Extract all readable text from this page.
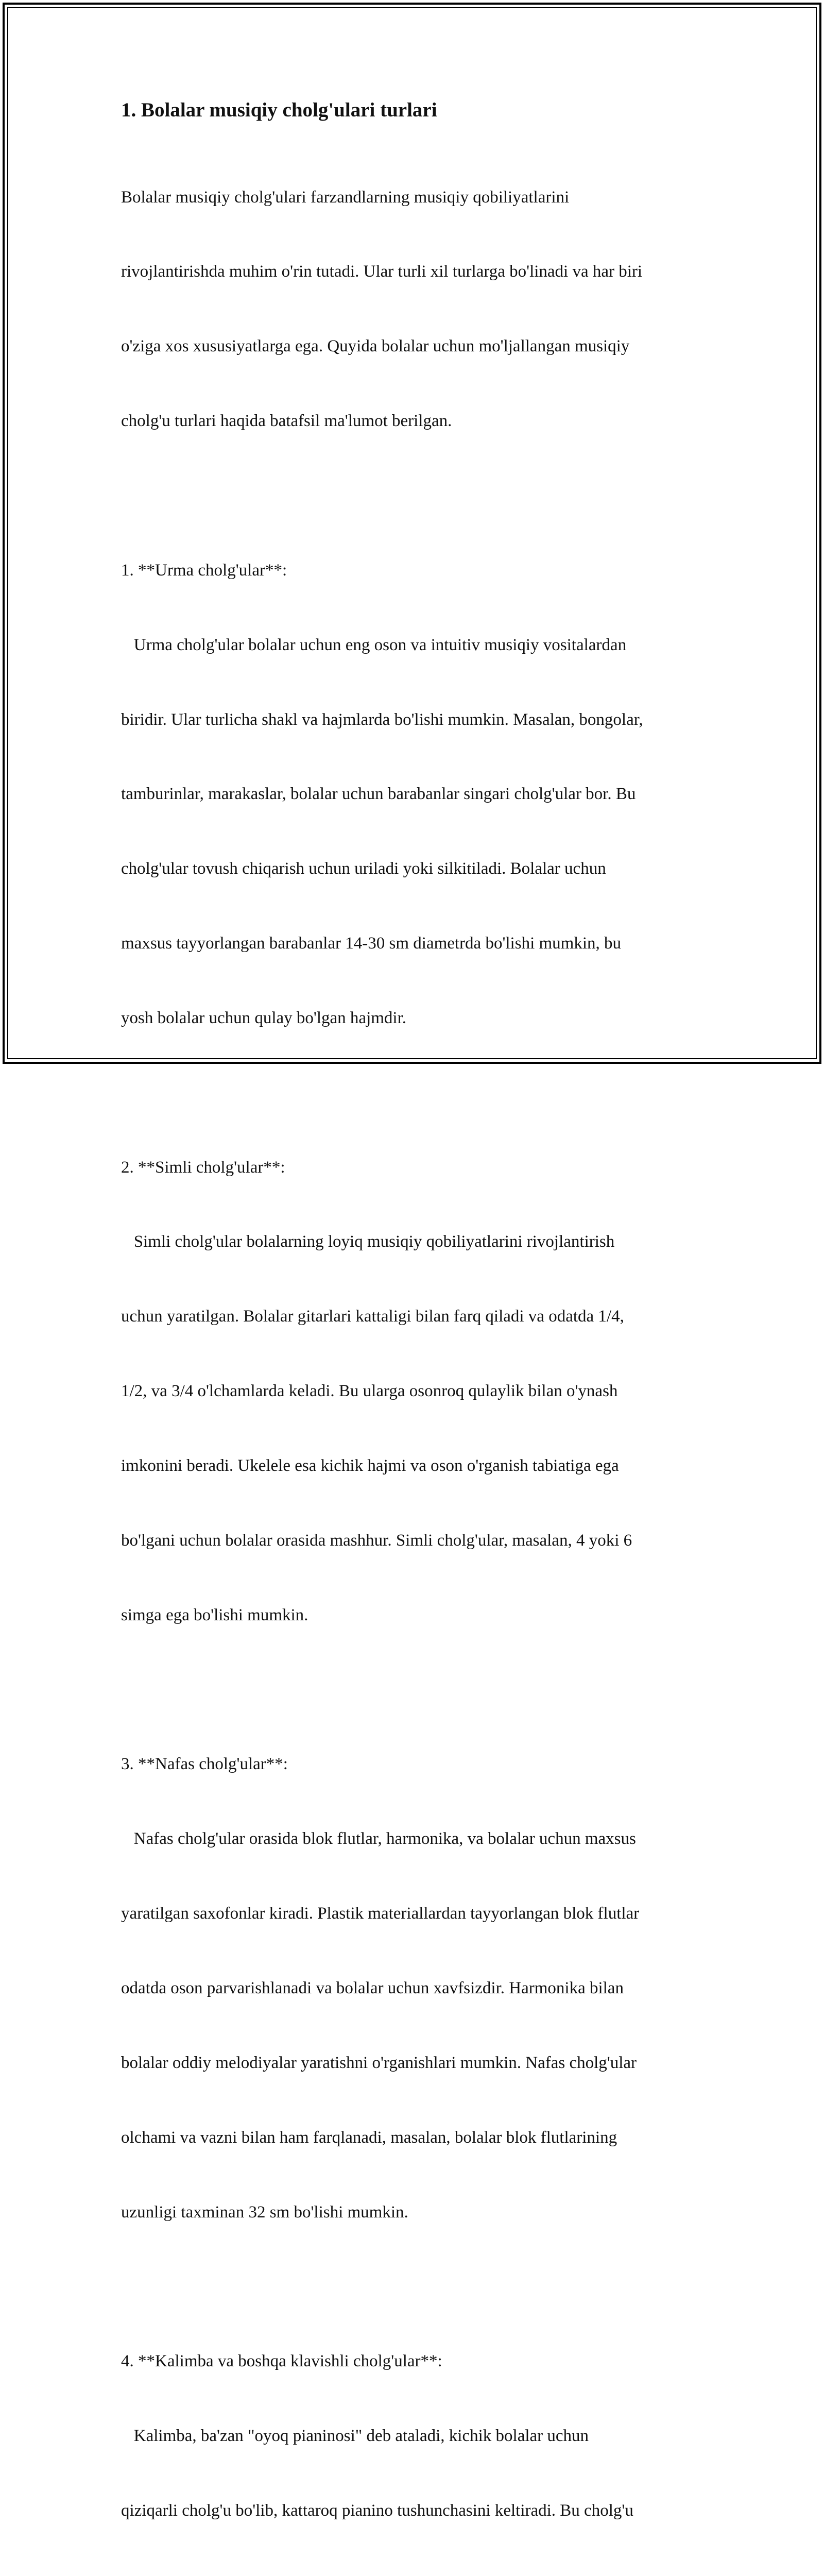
1. Bolalar musiqiy cholg'ulari turlari

Bolalar musiqiy cholg'ulari farzandlarning musiqiy qobiliyatlarini

rivojlantirishda muhim o'rin tutadi. Ular turli xil turlarga bo'linadi va har biri

o'ziga xos xususiyatlarga ega. Quyida bolalar uchun mo'ljallangan musiqiy

cholg'u turlari haqida batafsil ma'lumot berilgan.

1. **Urma cholg'ular**:

Urma cholg'ular bolalar uchun eng oson va intuitiv musiqiy vositalardan

biridir. Ular turlicha shakl va hajmlarda bo'lishi mumkin. Masalan, bongolar,

tamburinlar, marakaslar, bolalar uchun barabanlar singari cholg'ular bor. Bu

cholg'ular tovush chiqarish uchun uriladi yoki silkitiladi. Bolalar uchun

maxsus tayyorlangan barabanlar 14-30 sm diametrda bo'lishi mumkin, bu

yosh bolalar uchun qulay bo'lgan hajmdir.

2. **Simli cholg'ular**:

Simli cholg'ular bolalarning loyiq musiqiy qobiliyatlarini rivojlantirish

uchun yaratilgan. Bolalar gitarlari kattaligi bilan farq qiladi va odatda 1/4,

1/2, va 3/4 o'lchamlarda keladi. Bu ularga osonroq qulaylik bilan o'ynash

imkonini beradi. Ukelele esa kichik hajmi va oson o'rganish tabiatiga ega

bo'lgani uchun bolalar orasida mashhur. Simli cholg'ular, masalan, 4 yoki 6

simga ega bo'lishi mumkin.

3. **Nafas cholg'ular**:

Nafas cholg'ular orasida blok flutlar, harmonika, va bolalar uchun maxsus

yaratilgan saxofonlar kiradi. Plastik materiallardan tayyorlangan blok flutlar

odatda oson parvarishlanadi va bolalar uchun xavfsizdir. Harmonika bilan

bolalar oddiy melodiyalar yaratishni o'rganishlari mumkin. Nafas cholg'ular

olchami va vazni bilan ham farqlanadi, masalan, bolalar blok flutlarining

uzunligi taxminan 32 sm bo'lishi mumkin.

4. **Kalimba va boshqa klavishli cholg'ular**:

Kalimba, ba'zan "oyoq pianinosi" deb ataladi, kichik bolalar uchun

qiziqarli cholg'u bo'lib, kattaroq pianino tushunchasini keltiradi. Bu cholg'u
